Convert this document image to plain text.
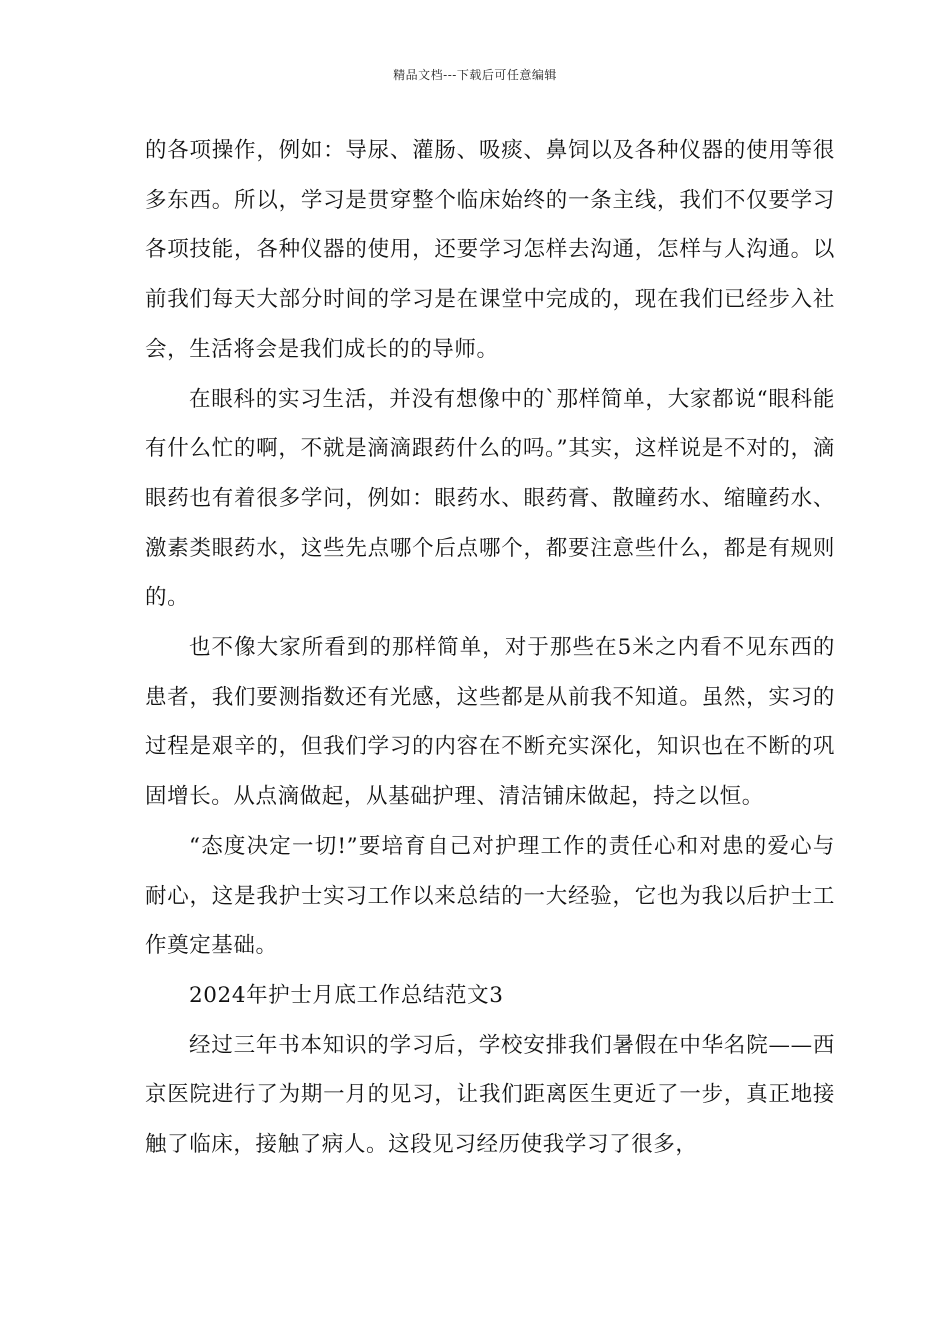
精品文档---下载后可任意编辑

的各项操作，例如：导尿、灌肠、吸痰、鼻饲以及各种仪器的使用等很多东西。所以，学习是贯穿整个临床始终的一条主线，我们不仅要学习各项技能，各种仪器的使用，还要学习怎样去沟通，怎样与人沟通。以前我们每天大部分时间的学习是在课堂中完成的，现在我们已经步入社会，生活将会是我们成长的的导师。

在眼科的实习生活，并没有想像中的`那样简单，大家都说“眼科能有什么忙的啊，不就是滴滴跟药什么的吗。”其实，这样说是不对的，滴眼药也有着很多学问，例如：眼药水、眼药膏、散瞳药水、缩瞳药水、激素类眼药水，这些先点哪个后点哪个，都要注意些什么，都是有规则的。

也不像大家所看到的那样简单，对于那些在5米之内看不见东西的患者，我们要测指数还有光感，这些都是从前我不知道。虽然，实习的过程是艰辛的，但我们学习的内容在不断充实深化，知识也在不断的巩固增长。从点滴做起，从基础护理、清洁铺床做起，持之以恒。

“态度决定一切!”要培育自己对护理工作的责任心和对患的爱心与耐心，这是我护士实习工作以来总结的一大经验，它也为我以后护士工作奠定基础。

2024年护士月底工作总结范文3

经过三年书本知识的学习后，学校安排我们暑假在中华名院——西京医院进行了为期一月的见习，让我们距离医生更近了一步，真正地接触了临床，接触了病人。这段见习经历使我学习了很多，
